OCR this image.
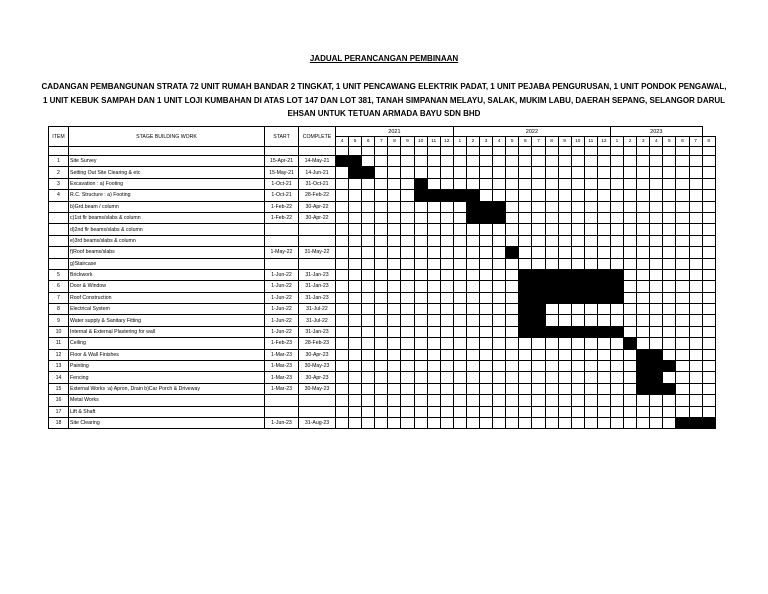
JADUAL PERANCANGAN PEMBINAAN
CADANGAN PEMBANGUNAN STRATA 72 UNIT RUMAH BANDAR 2 TINGKAT, 1 UNIT PENCAWANG ELEKTRIK PADAT, 1 UNIT PEJABA PENGURUSAN, 1 UNIT PONDOK PENGAWAL,
1 UNIT KEBUK SAMPAH DAN 1 UNIT LOJI KUMBAHAN DI ATAS LOT 147 DAN LOT 381, TANAH SIMPANAN MELAYU, SALAK, MUKIM LABU, DAERAH SEPANG, SELANGOR DARUL
EHSAN UNTUK TETUAN ARMADA BAYU SDN BHD
ITEM	STAGE BUILDING WORK	START	COMPLETE	2021									2022												2023							
				4	5	6	7	8	9	10	11	12	1	2	3	4	5	6	7	8	9	10	11	12	1	2	3	4	5	6	7	8

1	Site Survey	15-Apr-21	14-May-21																													
2	Setting Out Site Clearing & etc	15-May-21	14-Jun-21																													
3	Excavation : a) Footing	1-Oct-21	31-Oct-21																													
4	R.C. Structure : a) Footing	1-Oct-21	28-Feb-22																													
	b)Grd.beam / column	1-Feb-22	30-Apr-22																													
	c)1st flr beams/slabs & column	1-Feb-22	30-Apr-22																													
	d)2nd flr beams/slabs & column																															
	e)3rd beams/slabs & column																															
	f)Roof beams/slabs	1-May-22	31-May-22																													
	g)Staircase																															
5	Brickwork	1-Jun-22	31-Jan-23																													
6	Door & Window	1-Jun-22	31-Jan-23																													
7	Roof Construction	1-Jun-22	31-Jan-23																													
8	Electrical System	1-Jun-22	31-Jul-22																													
9	Water supply & Sanitary Fitting	1-Jun-22	31-Jul-22																													
10	Internal & External Plastering for wall	1-Jun-22	31-Jan-23																													
11	Ceiling	1-Feb-23	28-Feb-23																													
12	Floor & Wall Finishes	1-Mar-23	30-Apr-23																													
13	Painting	1-Mar-23	30-May-23																													
14	Fencing	1-Mar-23	30-Apr-23																													
15	External Works :a) Apron, Drain b)Car Porch & Driveway	1-Mar-23	30-May-23																													
16	Metal Works																															
17	Lift & Shaft																															
18	Site Clearing	1-Jun-23	31-Aug-23																													
